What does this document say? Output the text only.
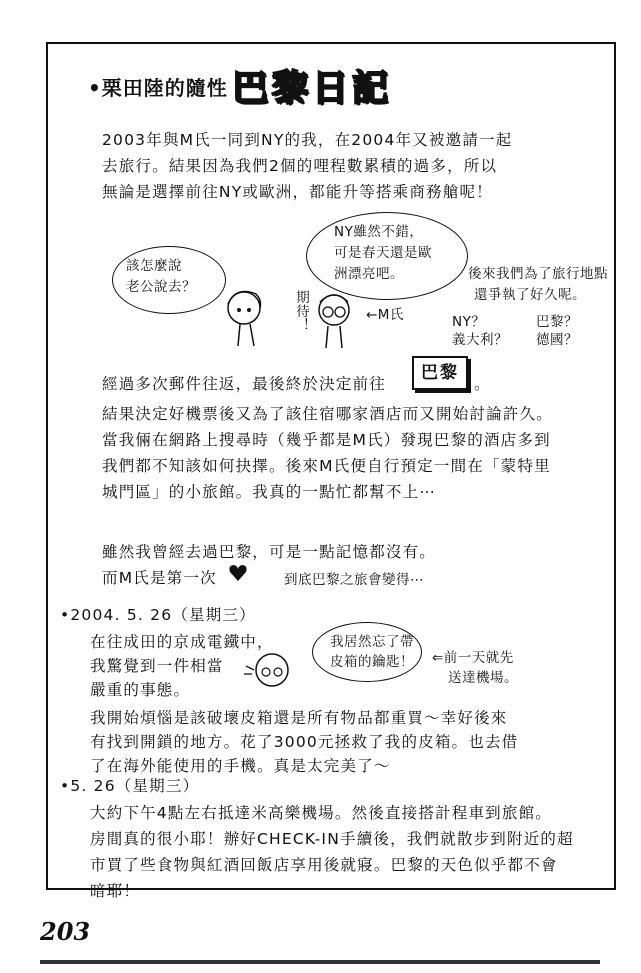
•栗田陸的隨性 巴黎日記
2003年與M氏一同到NY的我，在2004年又被邀請一起
去旅行。結果因為我們2個的哩程數累積的過多，所以
無論是選擇前往NY或歐洲，都能升等搭乘商務艙呢！
該怎麼說
老公說去？
NY雖然不錯，
可是春天還是歐
洲漂亮吧。	後來我們為了旅行地點
還爭執了好久呢。
期待！	←M氏	NY？	巴黎？
義大利？ 德國？
經過多次郵件往返，最後終於決定前往
巴黎
。
結果決定好機票後又為了該住宿哪家酒店而又開始討論許久。
當我倆在網路上搜尋時（幾乎都是M氏）發現巴黎的酒店多到
我們都不知該如何抉擇。後來M氏便自行預定一間在「蒙特里
城門區」的小旅館。我真的一點忙都幫不上⋯
雖然我曾經去過巴黎，可是一點記憶都沒有。
而M氏是第一次	到底巴黎之旅會變得⋯
•2004. 5. 26（星期三）
在往成田的京成電鐵中，
我驚覺到一件相當
嚴重的事態。
我居然忘了帶
皮箱的鑰匙！ ⇐前一天就先
送達機場。
我開始煩惱是該破壞皮箱還是所有物品都重買～幸好後來
有找到開鎖的地方。花了3000元拯救了我的皮箱。也去借
了在海外能使用的手機。真是太完美了～
•5. 26（星期三）
大約下午4點左右抵達米高樂機場。然後直接搭計程車到旅館。
房間真的很小耶！辦好CHECK-IN手續後，我們就散步到附近的超
市買了些食物與紅酒回飯店享用後就寢。巴黎的天色似乎都不會
暗耶！
203
